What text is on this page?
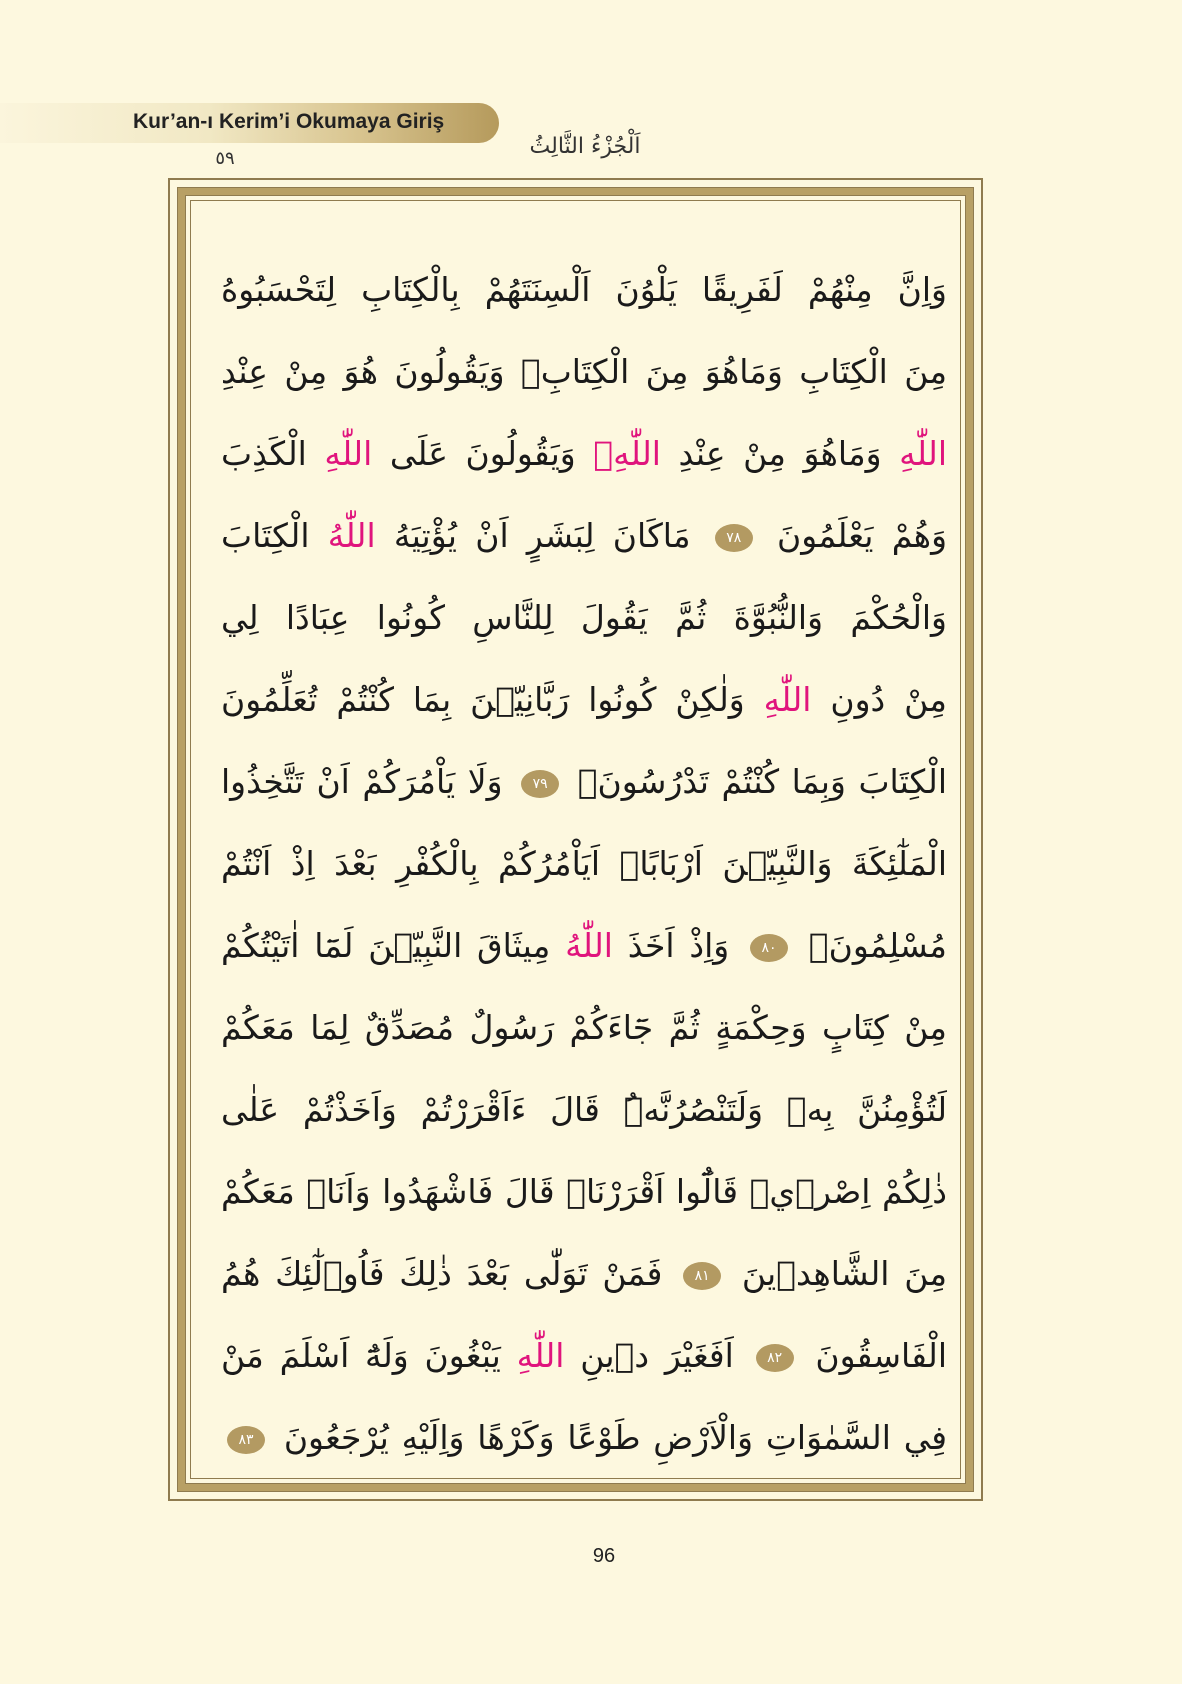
Kur’an-ı Kerim’i Okumaya Giriş
اَلْجُزْءُ الثَّالِثُ
٥٩
وَاِنَّ مِنْهُمْ لَفَرِيقًا يَلْوُنَ اَلْسِنَتَهُمْ بِالْكِتَابِ لِتَحْسَبُوهُ
مِنَ الْكِتَابِ وَمَاهُوَ مِنَ الْكِتَابِۚ وَيَقُولُونَ هُوَ مِنْ عِنْدِ
اللّٰهِ وَمَاهُوَ مِنْ عِنْدِ اللّٰهِۚ وَيَقُولُونَ عَلَى اللّٰهِ الْكَذِبَ
وَهُمْ يَعْلَمُونَ ٧٨ مَاكَانَ لِبَشَرٍ اَنْ يُؤْتِيَهُ اللّٰهُ الْكِتَابَ
وَالْحُكْمَ وَالنُّبُوَّةَ ثُمَّ يَقُولَ لِلنَّاسِ كُونُوا عِبَادًا لِي
مِنْ دُونِ اللّٰهِ وَلٰكِنْ كُونُوا رَبَّانِيّ۪نَ بِمَا كُنْتُمْ تُعَلِّمُونَ
الْكِتَابَ وَبِمَا كُنْتُمْ تَدْرُسُونَۙ ٧٩ وَلَا يَاْمُرَكُمْ اَنْ تَتَّخِذُوا
الْمَلٰٓئِكَةَ وَالنَّبِيّ۪نَ اَرْبَابًاۜ اَيَاْمُرُكُمْ بِالْكُفْرِ بَعْدَ اِذْ اَنْتُمْ
مُسْلِمُونَ۟ ٨٠ وَاِذْ اَخَذَ اللّٰهُ مِيثَاقَ النَّبِيّ۪نَ لَمَٓا اٰتَيْتُكُمْ
مِنْ كِتَابٍ وَحِكْمَةٍ ثُمَّ جَٓاءَكُمْ رَسُولٌ مُصَدِّقٌ لِمَا مَعَكُمْ
لَتُؤْمِنُنَّ بِه۪ وَلَتَنْصُرُنَّهُۜ قَالَ ءَاَقْرَرْتُمْ وَاَخَذْتُمْ عَلٰى
ذٰلِكُمْ اِصْر۪يۜ قَالُٓوا اَقْرَرْنَاۜ قَالَ فَاشْهَدُوا وَاَنَا۬ مَعَكُمْ
مِنَ الشَّاهِد۪ينَ ٨١ فَمَنْ تَوَلّٰى بَعْدَ ذٰلِكَ فَاُو۬لٰٓئِكَ هُمُ
الْفَاسِقُونَ ٨٢ اَفَغَيْرَ د۪ينِ اللّٰهِ يَبْغُونَ وَلَهُٓ اَسْلَمَ مَنْ
فِي السَّمٰوَاتِ وَالْاَرْضِ طَوْعًا وَكَرْهًا وَاِلَيْهِ يُرْجَعُونَ ٨٣
96
